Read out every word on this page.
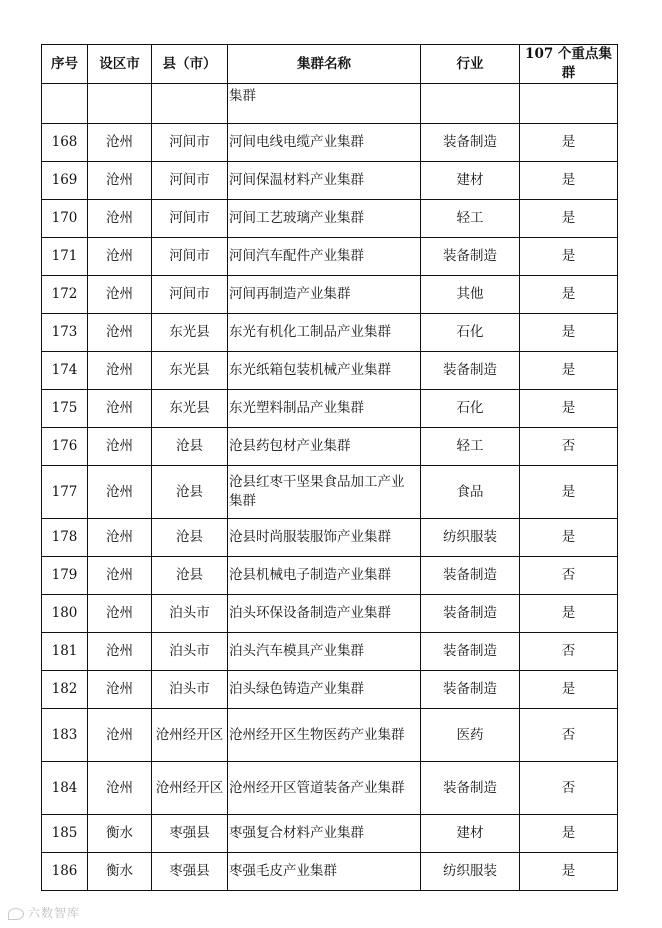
序号	设区市	县（市）	集群名称	行业	107 个重点集群
			集群		
168	沧州	河间市	河间电线电缆产业集群	装备制造	是
169	沧州	河间市	河间保温材料产业集群	建材	是
170	沧州	河间市	河间工艺玻璃产业集群	轻工	是
171	沧州	河间市	河间汽车配件产业集群	装备制造	是
172	沧州	河间市	河间再制造产业集群	其他	是
173	沧州	东光县	东光有机化工制品产业集群	石化	是
174	沧州	东光县	东光纸箱包装机械产业集群	装备制造	是
175	沧州	东光县	东光塑料制品产业集群	石化	是
176	沧州	沧县	沧县药包材产业集群	轻工	否
177	沧州	沧县	沧县红枣干坚果食品加工产业集群	食品	是
178	沧州	沧县	沧县时尚服装服饰产业集群	纺织服装	是
179	沧州	沧县	沧县机械电子制造产业集群	装备制造	否
180	沧州	泊头市	泊头环保设备制造产业集群	装备制造	是
181	沧州	泊头市	泊头汽车模具产业集群	装备制造	否
182	沧州	泊头市	泊头绿色铸造产业集群	装备制造	是
183	沧州	沧州经开区	沧州经开区生物医药产业集群	医药	否
184	沧州	沧州经开区	沧州经开区管道装备产业集群	装备制造	否
185	衡水	枣强县	枣强复合材料产业集群	建材	是
186	衡水	枣强县	枣强毛皮产业集群	纺织服装	是
六数智库
